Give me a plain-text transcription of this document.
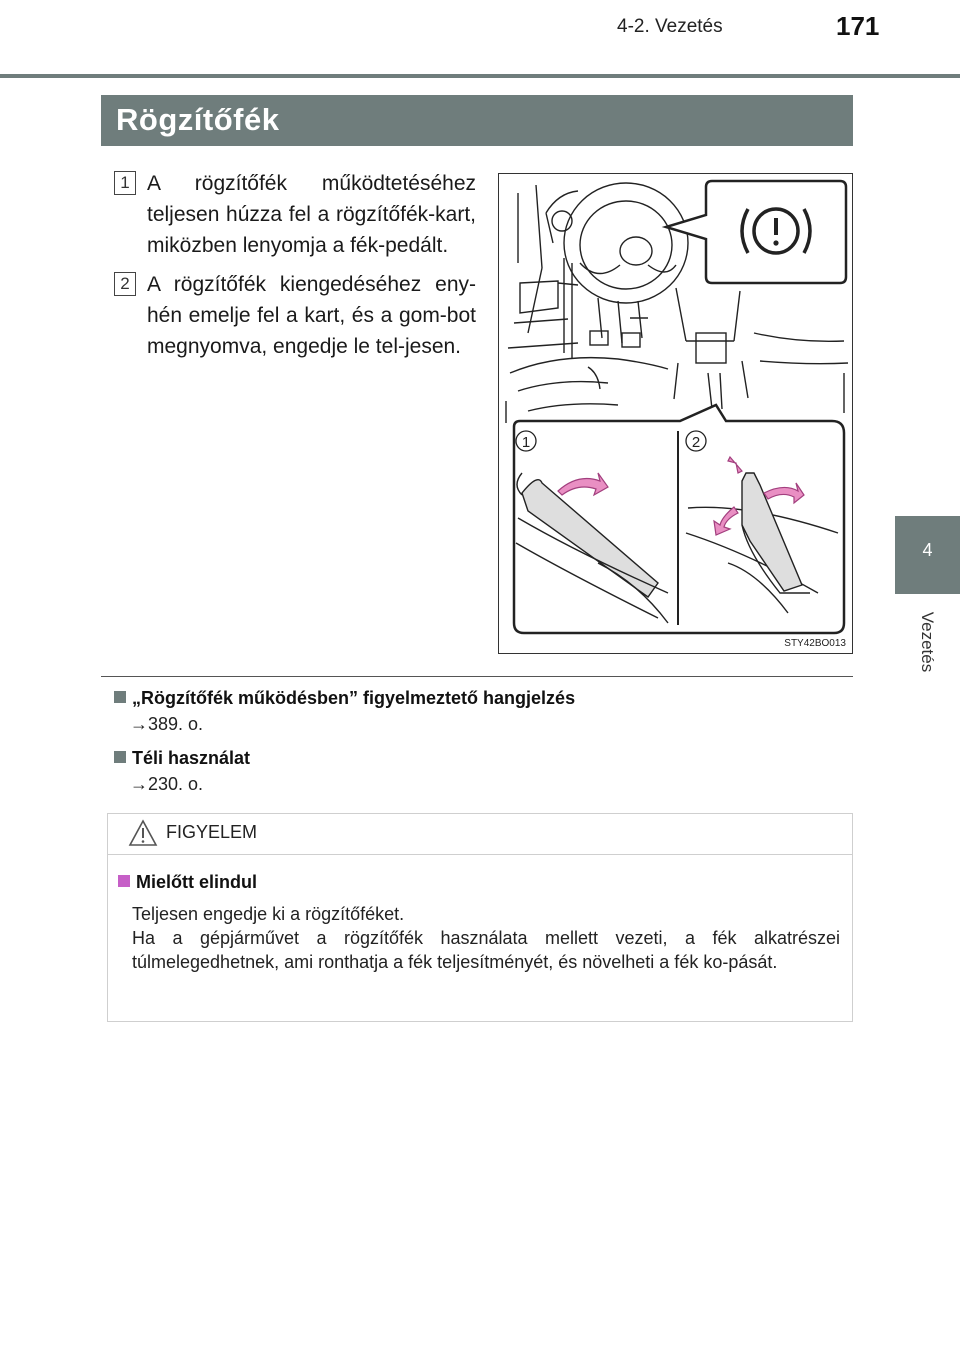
4-2. Vezetés	171
4
Vezetés
Rögzítőfék
1 A rögzítőfék működtetéséhez teljesen húzza fel a rögzítőfék-kart, miközben lenyomja a fék-pedált.
2 A rögzítőfék kiengedéséhez eny-hén emelje fel a kart, és a gom-bot megnyomva, engedje le tel-jesen.
1	2
STY42BO013
„Rögzítőfék működésben” figyelmeztető hangjelzés
→389. o.
Téli használat
→230. o.
FIGYELEM
Mielőtt elindul
Teljesen engedje ki a rögzítőféket.
Ha a gépjárművet a rögzítőfék használata mellett vezeti, a fék alkatrészei túlmelegedhetnek, ami ronthatja a fék teljesítményét, és növelheti a fék ko-pását.
